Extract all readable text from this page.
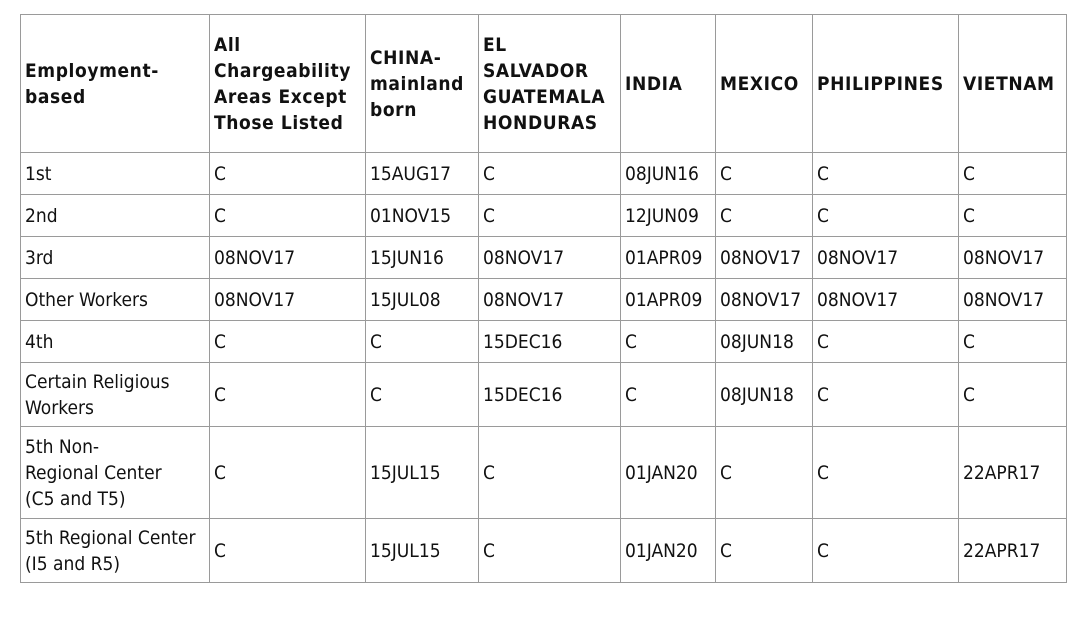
Employment-
based	All
Chargeability
Areas Except
Those Listed	CHINA-
mainland
born	EL
SALVADOR
GUATEMALA
HONDURAS	INDIA	MEXICO	PHILIPPINES	VIETNAM
1st	C	15AUG17	C	08JUN16	C	C	C
2nd	C	01NOV15	C	12JUN09	C	C	C
3rd	08NOV17	15JUN16	08NOV17	01APR09	08NOV17	08NOV17	08NOV17
Other Workers	08NOV17	15JUL08	08NOV17	01APR09	08NOV17	08NOV17	08NOV17
4th	C	C	15DEC16	C	08JUN18	C	C
Certain Religious
Workers	C	C	15DEC16	C	08JUN18	C	C
5th Non-
Regional Center
(C5 and T5)	C	15JUL15	C	01JAN20	C	C	22APR17
5th Regional Center
(I5 and R5)	C	15JUL15	C	01JAN20	C	C	22APR17
